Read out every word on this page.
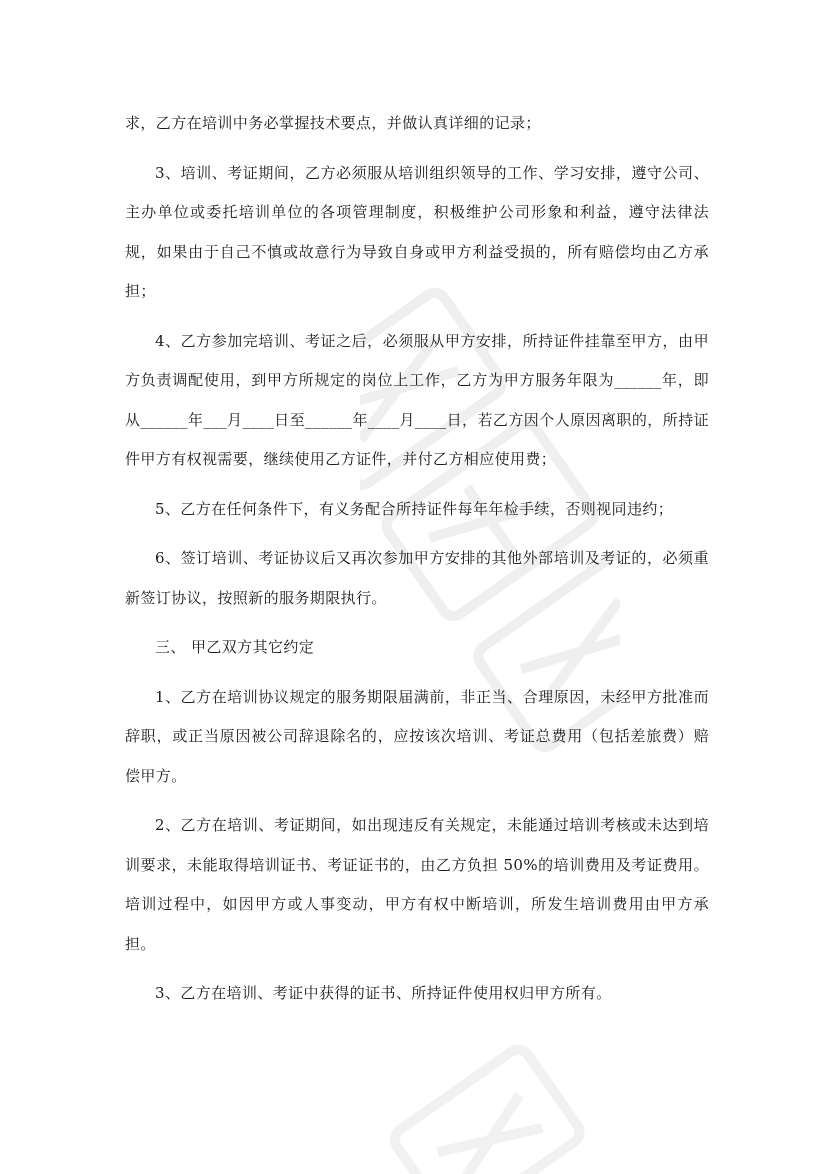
求，乙方在培训中务必掌握技术要点，并做认真详细的记录；

3、培训、考证期间，乙方必须服从培训组织领导的工作、学习安排，遵守公司、主办单位或委托培训单位的各项管理制度，积极维护公司形象和利益，遵守法律法规，如果由于自己不慎或故意行为导致自身或甲方利益受损的，所有赔偿均由乙方承担；

4、乙方参加完培训、考证之后，必须服从甲方安排，所持证件挂靠至甲方，由甲方负责调配使用，到甲方所规定的岗位上工作，乙方为甲方服务年限为______年，即从______年___月____日至______年____月____日，若乙方因个人原因离职的，所持证件甲方有权视需要，继续使用乙方证件，并付乙方相应使用费；

5、乙方在任何条件下，有义务配合所持证件每年年检手续，否则视同违约；

6、签订培训、考证协议后又再次参加甲方安排的其他外部培训及考证的，必须重新签订协议，按照新的服务期限执行。

三、 甲乙双方其它约定

1、乙方在培训协议规定的服务期限届满前，非正当、合理原因，未经甲方批准而辞职，或正当原因被公司辞退除名的，应按该次培训、考证总费用（包括差旅费）赔偿甲方。

2、乙方在培训、考证期间，如出现违反有关规定，未能通过培训考核或未达到培训要求，未能取得培训证书、考证证书的，由乙方负担 50%的培训费用及考证费用。培训过程中，如因甲方或人事变动，甲方有权中断培训，所发生培训费用由甲方承担。

3、乙方在培训、考证中获得的证书、所持证件使用权归甲方所有。
